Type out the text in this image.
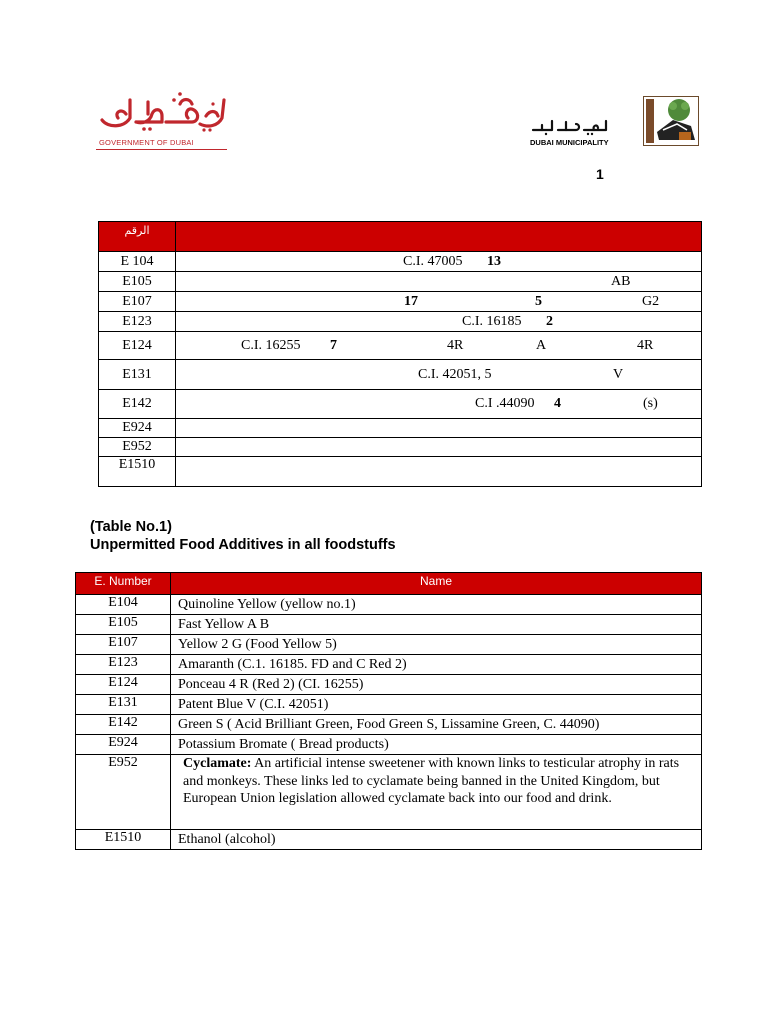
GOVERNMENT OF DUBAI	DUBAI MUNICIPALITY
1
الرقم	
E 104	C.I. 47005 13

E105	AB

E107	17 5 G2

E123	C.I. 16185 2

E124	C.I. 16255 7 4R A 4R

E131	C.I. 42051, 5 V

E142	C.I .44090 4 (s)

E924	
E952	
E1510	
(Table No.1)
Unpermitted Food Additives in all foodstuffs
E. Number	Name
E104	Quinoline Yellow (yellow no.1)
E105	Fast Yellow A B
E107	Yellow 2 G (Food Yellow 5)
E123	Amaranth (C.1. 16185. FD and C Red 2)
E124	Ponceau 4 R (Red 2) (CI. 16255)
E131	Patent Blue V (C.I. 42051)
E142	Green S ( Acid Brilliant Green, Food Green S, Lissamine Green, C. 44090)
E924	Potassium Bromate ( Bread products)
E952	Cyclamate: An artificial intense sweetener with known links to testicular atrophy in rats and monkeys. These links led to cyclamate being banned in the United Kingdom, but European Union legislation allowed cyclamate back into our food and drink.
E1510	Ethanol (alcohol)
